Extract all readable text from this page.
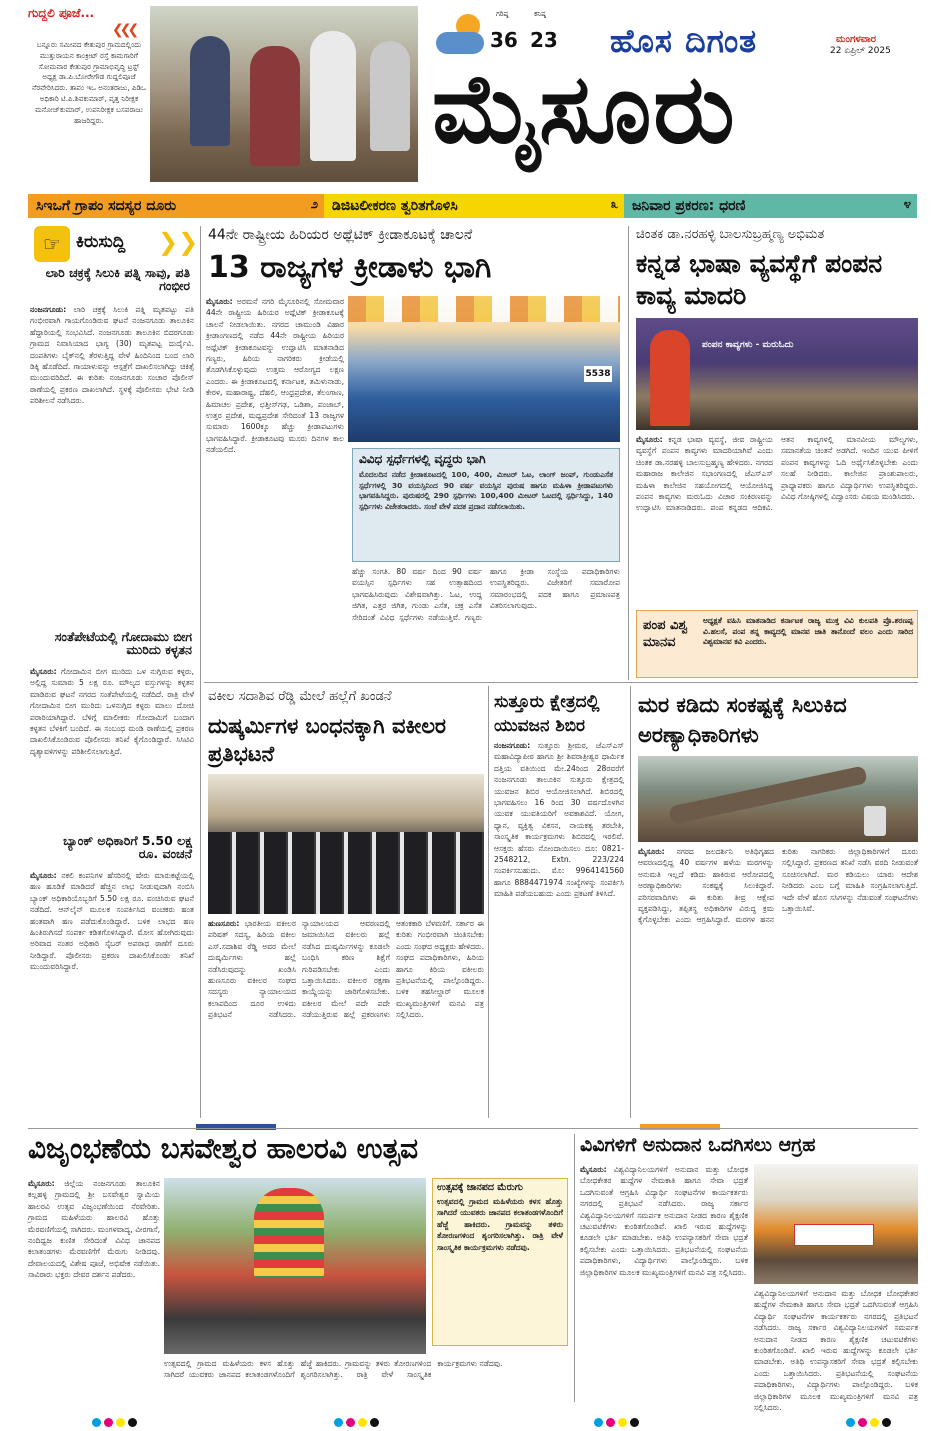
ಗುದ್ದಲಿ ಪೂಜೆ...
❮❮❮
ಬನ್ನೂರು ಸಮೀಪದ ಕೇತುಪುರ ಗ್ರಾಮದಲ್ಲಿಂದು ಮುತ್ತುರಾಯನ ಕಾಂಕ್ರೀಟ್ ರಸ್ತೆ ಕಾಮಗಾರಿಗೆ ಸೋಮವಾರ ಕೇತುಪುರ ಗ್ರಾಮಾಭಿವೃದ್ಧಿ ಟ್ರಸ್ಟ್ ಅಧ್ಯಕ್ಷ ಡಾ.ಪಿ.ಬೋರೇಗೌಡ ಗುದ್ದಲಿಪೂಜೆ ನೆರವೇರಿಸಿದರು. ತಾಪಂ ಇಒ ಅನಂತರಾಜು, ಪಿಡಿಒ ಅಧಿಕಾರಿ ಟಿ.ಪಿ.ಶಿವಕುಮಾರ್, ವೃತ್ತ ನಿರೀಕ್ಷಕ ಮನೋಜ್‌ಕುಮಾರ್, ಉಪನಿರೀಕ್ಷಕ ಬಸವರಾಜು ಹಾಜರಿದ್ದರು.
ಗರಿಷ್ಠ
36
ಕನಿಷ್ಠ
23 ಹೊಸ ದಿಗಂತ	ಮಂಗಳವಾರ
22 ಏಪ್ರಿಲ್ 2025
ಮೈಸೂರು
ಸಿಇಒಗೆ ಗ್ರಾಪಂ ಸದಸ್ಯರ ದೂರು	೨ ಡಿಜಿಟಲೀಕರಣ ತ್ವರಿತಗೊಳಿಸಿ	೩ ಜನಿವಾರ ಪ್ರಕರಣ: ಧರಣಿ	೪
☞ ಕಿರುಸುದ್ದಿ ❯❯
ಲಾರಿ ಚಕ್ರಕ್ಕೆ ಸಿಲುಕಿ ಪತ್ನಿ ಸಾವು, ಪತಿ ಗಂಭೀರ
ನಂಜನಗೂಡು: ಲಾರಿ ಚಕ್ರಕ್ಕೆ ಸಿಲುಕಿ ಪತ್ನಿ ಮೃತಪಟ್ಟು ಪತಿ ಗಂಭೀರವಾಗಿ ಗಾಯಗೊಂಡಿರುವ ಘಟನೆ ನಂಜನಗೂಡು ತಾಲೂಕಿನ ಹೆದ್ದಾರಿಯಲ್ಲಿ ಸಂಭವಿಸಿದೆ. ನಂಜನಗೂಡು ತಾಲೂಕಿನ ಬಿದರಗೂಡು ಗ್ರಾಮದ ನಿವಾಸಿಯಾದ ಭಾಗ್ಯ (30) ಮೃತಪಟ್ಟ ದುರ್ದೈವಿ. ದಂಪತಿಗಳು ಬೈಕ್‌ನಲ್ಲಿ ತೆರಳುತ್ತಿದ್ದ ವೇಳೆ ಹಿಂದಿನಿಂದ ಬಂದ ಲಾರಿ ಡಿಕ್ಕಿ ಹೊಡೆದಿದೆ. ಗಾಯಾಳುವನ್ನು ಆಸ್ಪತ್ರೆಗೆ ದಾಖಲಿಸಲಾಗಿದ್ದು ಚಿಕಿತ್ಸೆ ಮುಂದುವರಿದಿದೆ. ಈ ಕುರಿತು ನಂಜನಗೂಡು ಸಂಚಾರ ಪೊಲೀಸ್ ಠಾಣೆಯಲ್ಲಿ ಪ್ರಕರಣ ದಾಖಲಾಗಿದೆ. ಸ್ಥಳಕ್ಕೆ ಪೊಲೀಸರು ಭೇಟಿ ನೀಡಿ ಪರಿಶೀಲನೆ ನಡೆಸಿದರು.
ಸಂತೆಪೇಟೆಯಲ್ಲಿ ಗೋದಾಮು ಬೀಗ ಮುರಿದು ಕಳ್ಳತನ
ಮೈಸೂರು: ಗೋದಾಮಿನ ಬೀಗ ಮುರಿದು ಒಳ ನುಗ್ಗಿರುವ ಕಳ್ಳರು, ಅಲ್ಲಿದ್ದ ಸುಮಾರು 5 ಲಕ್ಷ ರೂ. ಮೌಲ್ಯದ ವಸ್ತುಗಳನ್ನು ಕಳ್ಳತನ ಮಾಡಿರುವ ಘಟನೆ ನಗರದ ಸಂತೆಪೇಟೆಯಲ್ಲಿ ನಡೆದಿದೆ. ರಾತ್ರಿ ವೇಳೆ ಗೋದಾಮಿನ ಬೀಗ ಮುರಿದು ಒಳನುಗ್ಗಿದ ಕಳ್ಳರು ಮಾಲು ದೋಚಿ ಪರಾರಿಯಾಗಿದ್ದಾರೆ. ಬೆಳಿಗ್ಗೆ ಮಾಲೀಕರು ಗೋದಾಮಿಗೆ ಬಂದಾಗ ಕಳ್ಳತನ ಬೆಳಕಿಗೆ ಬಂದಿದೆ. ಈ ಸಂಬಂಧ ಮಂಡಿ ಠಾಣೆಯಲ್ಲಿ ಪ್ರಕರಣ ದಾಖಲಿಸಿಕೊಂಡಿರುವ ಪೊಲೀಸರು ತನಿಖೆ ಕೈಗೊಂಡಿದ್ದಾರೆ. ಸಿಸಿಟಿವಿ ದೃಶ್ಯಾವಳಿಗಳನ್ನು ಪರಿಶೀಲಿಸಲಾಗುತ್ತಿದೆ.
ಬ್ಯಾಂಕ್ ಅಧಿಕಾರಿಗೆ 5.50 ಲಕ್ಷ ರೂ. ವಂಚನೆ
ಮೈಸೂರು: ನಕಲಿ ಕಂಪನಿಗಳ ಹೆಸರಿನಲ್ಲಿ ಷೇರು ಮಾರುಕಟ್ಟೆಯಲ್ಲಿ ಹಣ ಹೂಡಿಕೆ ಮಾಡಿದರೆ ಹೆಚ್ಚಿನ ಲಾಭ ನೀಡುವುದಾಗಿ ನಂಬಿಸಿ ಬ್ಯಾಂಕ್ ಅಧಿಕಾರಿಯೊಬ್ಬರಿಗೆ 5.50 ಲಕ್ಷ ರೂ. ವಂಚಿಸಿರುವ ಘಟನೆ ನಡೆದಿದೆ. ಆನ್‌ಲೈನ್ ಮೂಲಕ ಸಂಪರ್ಕಿಸಿದ ವಂಚಕರು ಹಂತ ಹಂತವಾಗಿ ಹಣ ಪಡೆದುಕೊಂಡಿದ್ದಾರೆ. ಬಳಿಕ ಲಾಭದ ಹಣ ಹಿಂತಿರುಗಿಸದೆ ಸಂಪರ್ಕ ಕಡಿತಗೊಳಿಸಿದ್ದಾರೆ. ಮೋಸ ಹೋಗಿರುವುದು ಅರಿವಾದ ನಂತರ ಅಧಿಕಾರಿ ಸೈಬರ್ ಅಪರಾಧ ಠಾಣೆಗೆ ದೂರು ನೀಡಿದ್ದಾರೆ. ಪೊಲೀಸರು ಪ್ರಕರಣ ದಾಖಲಿಸಿಕೊಂಡು ತನಿಖೆ ಮುಂದುವರಿಸಿದ್ದಾರೆ.
44ನೇ ರಾಷ್ಟ್ರೀಯ ಹಿರಿಯರ ಅಥ್ಲೆಟಿಕ್ ಕ್ರೀಡಾಕೂಟಕ್ಕೆ ಚಾಲನೆ
13 ರಾಜ್ಯಗಳ ಕ್ರೀಡಾಳು ಭಾಗಿ
ಮೈಸೂರು: ಅರಮನೆ ನಗರಿ ಮೈಸೂರಿನಲ್ಲಿ ಸೋಮವಾರ 44ನೇ ರಾಷ್ಟ್ರೀಯ ಹಿರಿಯರ ಅಥ್ಲೆಟಿಕ್ ಕ್ರೀಡಾಕೂಟಕ್ಕೆ ಚಾಲನೆ ನೀಡಲಾಯಿತು. ನಗರದ ಚಾಮುಂಡಿ ವಿಹಾರ ಕ್ರೀಡಾಂಗಣದಲ್ಲಿ ನಡೆದ 44ನೇ ರಾಷ್ಟ್ರೀಯ ಹಿರಿಯರ ಅಥ್ಲೆಟಿಕ್ ಕ್ರೀಡಾಕೂಟವನ್ನು ಉದ್ಘಾಟಿಸಿ ಮಾತನಾಡಿದ ಗಣ್ಯರು, ಹಿರಿಯ ನಾಗರಿಕರು ಕ್ರೀಡೆಯಲ್ಲಿ ತೊಡಗಿಸಿಕೊಳ್ಳುವುದು ಉತ್ತಮ ಆರೋಗ್ಯದ ಲಕ್ಷಣ ಎಂದರು. ಈ ಕ್ರೀಡಾಕೂಟದಲ್ಲಿ ಕರ್ನಾಟಕ, ತಮಿಳುನಾಡು, ಕೇರಳ, ಮಹಾರಾಷ್ಟ್ರ, ದೆಹಲಿ, ಆಂಧ್ರಪ್ರದೇಶ, ತೆಲಂಗಾಣ, ಹಿಮಾಚಲ ಪ್ರದೇಶ, ಛತ್ತೀಸ್‌ಗಢ, ಒಡಿಶಾ, ಪಂಜಾಬ್, ಉತ್ತರ ಪ್ರದೇಶ, ಮಧ್ಯಪ್ರದೇಶ ಸೇರಿದಂತೆ 13 ರಾಜ್ಯಗಳ ಸುಮಾರು 1600ಕ್ಕೂ ಹೆಚ್ಚು ಕ್ರೀಡಾಪಟುಗಳು ಭಾಗವಹಿಸಿದ್ದಾರೆ. ಕ್ರೀಡಾಕೂಟವು ಮೂರು ದಿನಗಳ ಕಾಲ ನಡೆಯಲಿದೆ.
5538
ವಿವಿಧ ಸ್ಪರ್ಧೆಗಳಲ್ಲಿ ವೃದ್ಧರು ಭಾಗಿ
ಮೊದಲದಿನ ನಡೆದ ಕ್ರೀಡಾಕೂಟದಲ್ಲಿ 100, 400, ಮೀಟರ್ ಓಟ, ಲಾಂಗ್ ಜಂಪ್, ಗುಂಡುಎಸೆತ ಸ್ಪರ್ಧೆಗಳಲ್ಲಿ 30 ವಯಸ್ಸಿನಿಂದ 90 ವರ್ಷ ವಯಸ್ಸಿನ ಪುರುಷ ಹಾಗೂ ಮಹಿಳಾ ಕ್ರೀಡಾಪಟುಗಳು ಭಾಗವಹಿಸಿದ್ದರು. ಪುರುಷರಲ್ಲಿ 290 ಸ್ಪರ್ಧಿಗಳು 100,400 ಮೀಟರ್ ಓಟದಲ್ಲಿ ಸ್ಪರ್ಧಿಸಿದ್ದು, 140 ಸ್ಪರ್ಧಿಗಳು ವಿಜೇತರಾದರು. ಸಂಜೆ ವೇಳೆ ಪದಕ ಪ್ರದಾನ ನಡೆಸಲಾಯಿತು.
ಹೆಚ್ಚು ಸಂಗತಿ. 80 ವರ್ಷ ದಿಂದ 90 ವರ್ಷ ವಯಸ್ಸಿನ ಸ್ಪರ್ಧಿಗಳು ಸಹ ಉತ್ಸಾಹದಿಂದ ಭಾಗವಹಿಸಿರುವುದು ವಿಶೇಷವಾಗಿತ್ತು. ಓಟ, ಉದ್ದ ಜಿಗಿತ, ಎತ್ತರ ಜಿಗಿತ, ಗುಂಡು ಎಸೆತ, ಚಕ್ರ ಎಸೆತ ಸೇರಿದಂತೆ ವಿವಿಧ ಸ್ಪರ್ಧೆಗಳು ನಡೆಯುತ್ತಿವೆ. ಗಣ್ಯರು ಹಾಗೂ ಕ್ರೀಡಾ ಸಂಸ್ಥೆಯ ಪದಾಧಿಕಾರಿಗಳು ಉಪಸ್ಥಿತರಿದ್ದರು. ವಿಜೇತರಿಗೆ ಸಮಾರೋಪ ಸಮಾರಂಭದಲ್ಲಿ ಪದಕ ಹಾಗೂ ಪ್ರಮಾಣಪತ್ರ ವಿತರಿಸಲಾಗುವುದು.
ಚಿಂತಕ ಡಾ.ನರಹಳ್ಳಿ ಬಾಲಸುಬ್ರಹ್ಮಣ್ಯ ಅಭಿಮತ
ಕನ್ನಡ ಭಾಷಾ ವ್ಯವಸ್ಥೆಗೆ ಪಂಪನ ಕಾವ್ಯ ಮಾದರಿ
ಪಂಪನ ಕಾವ್ಯಗಳು - ಮರುಓದು
ಮೈಸೂರು: ಕನ್ನಡ ಭಾಷಾ ವ್ಯವಸ್ಥೆ, ಜೀವ ರಾಷ್ಟ್ರೀಯ ವ್ಯವಸ್ಥೆಗೆ ಪಂಪನ ಕಾವ್ಯಗಳು ಮಾದರಿಯಾಗಿವೆ ಎಂದು ಚಿಂತಕ ಡಾ.ನರಹಳ್ಳಿ ಬಾಲಸುಬ್ರಹ್ಮಣ್ಯ ಹೇಳಿದರು. ನಗರದ ಮಹಾರಾಜ ಕಾಲೇಜಿನ ಸಭಾಂಗಣದಲ್ಲಿ ಜೆಎಸ್‌ಎಸ್ ಮಹಿಳಾ ಕಾಲೇಜಿನ ಸಹಯೋಗದಲ್ಲಿ ಆಯೋಜಿಸಿದ್ದ ಪಂಪನ ಕಾವ್ಯಗಳು ಮರುಓದು ವಿಚಾರ ಸಂಕಿರಣವನ್ನು ಉದ್ಘಾಟಿಸಿ ಮಾತನಾಡಿದರು. ಪಂಪ ಕನ್ನಡದ ಆದಿಕವಿ. ಆತನ ಕಾವ್ಯಗಳಲ್ಲಿ ಮಾನವೀಯ ಮೌಲ್ಯಗಳು, ಸಮಾನತೆಯ ಚಿಂತನೆ ಅಡಗಿದೆ. ಇಂದಿನ ಯುವ ಪೀಳಿಗೆ ಪಂಪನ ಕಾವ್ಯಗಳನ್ನು ಓದಿ ಅರ್ಥೈಸಿಕೊಳ್ಳಬೇಕು ಎಂದು ಸಲಹೆ ನೀಡಿದರು. ಕಾಲೇಜಿನ ಪ್ರಾಂಶುಪಾಲರು, ಪ್ರಾಧ್ಯಾಪಕರು ಹಾಗೂ ವಿದ್ಯಾರ್ಥಿಗಳು ಉಪಸ್ಥಿತರಿದ್ದರು. ವಿವಿಧ ಗೋಷ್ಠಿಗಳಲ್ಲಿ ವಿದ್ವಾಂಸರು ವಿಷಯ ಮಂಡಿಸಿದರು.
ಪಂಪ ವಿಶ್ವ ಮಾನವ
ಅಧ್ಯಕ್ಷತೆ ವಹಿಸಿ ಮಾತನಾಡಿದ ಕರ್ನಾಟಕ ರಾಜ್ಯ ಮುಕ್ತ ವಿವಿ ಕುಲಪತಿ ಪ್ರೊ.ಶರಣಪ್ಪ ವಿ.ಹಲಸೆ, ಪಂಪ ತನ್ನ ಕಾವ್ಯದಲ್ಲಿ ಮಾನವ ಜಾತಿ ತಾನೊಂದೆ ವಲಂ ಎಂದು ಸಾರಿದ ವಿಶ್ವಮಾನವ ಕವಿ ಎಂದರು.
ವಕೀಲ ಸದಾಶಿವ ರೆಡ್ಡಿ ಮೇಲೆ ಹಲ್ಲೆಗೆ ಖಂಡನೆ
ದುಷ್ಕರ್ಮಿಗಳ ಬಂಧನಕ್ಕಾಗಿ ವಕೀಲರ ಪ್ರತಿಭಟನೆ
ಹುಣಸೂರು: ಭಾರತೀಯ ವಕೀಲರ ಪರಿಷತ್ ಸದಸ್ಯ, ಹಿರಿಯ ವಕೀಲ ಎಸ್.ಸದಾಶಿವ ರೆಡ್ಡಿ ಅವರ ಮೇಲೆ ದುಷ್ಕರ್ಮಿಗಳು ಹಲ್ಲೆ ನಡೆಸಿರುವುದನ್ನು ಖಂಡಿಸಿ ಹುಣಸೂರು ವಕೀಲರ ಸಂಘದ ಸದಸ್ಯರು ನ್ಯಾಯಾಲಯದ ಕಲಾಪದಿಂದ ದೂರ ಉಳಿದು ಪ್ರತಿಭಟನೆ ನಡೆಸಿದರು. ನ್ಯಾಯಾಲಯದ ಆವರಣದಲ್ಲಿ ಜಮಾಯಿಸಿದ ವಕೀಲರು ಹಲ್ಲೆ ನಡೆಸಿದ ದುಷ್ಕರ್ಮಿಗಳನ್ನು ಕೂಡಲೇ ಬಂಧಿಸಿ ಕಠಿಣ ಶಿಕ್ಷೆಗೆ ಗುರಿಪಡಿಸಬೇಕು ಎಂದು ಒತ್ತಾಯಿಸಿದರು. ವಕೀಲರ ರಕ್ಷಣಾ ಕಾಯ್ದೆಯನ್ನು ಜಾರಿಗೊಳಿಸಬೇಕು. ವಕೀಲರ ಮೇಲೆ ಪದೇ ಪದೇ ನಡೆಯುತ್ತಿರುವ ಹಲ್ಲೆ ಪ್ರಕರಣಗಳು ಆತಂಕಕಾರಿ ಬೆಳವಣಿಗೆ. ಸರ್ಕಾರ ಈ ಕುರಿತು ಗಂಭೀರವಾಗಿ ಚಿಂತಿಸಬೇಕು ಎಂದು ಸಂಘದ ಅಧ್ಯಕ್ಷರು ಹೇಳಿದರು. ಸಂಘದ ಪದಾಧಿಕಾರಿಗಳು, ಹಿರಿಯ ಹಾಗೂ ಕಿರಿಯ ವಕೀಲರು ಪ್ರತಿಭಟನೆಯಲ್ಲಿ ಪಾಲ್ಗೊಂಡಿದ್ದರು. ಬಳಿಕ ತಹಸೀಲ್ದಾರ್ ಮೂಲಕ ಮುಖ್ಯಮಂತ್ರಿಗಳಿಗೆ ಮನವಿ ಪತ್ರ ಸಲ್ಲಿಸಿದರು.
ಸುತ್ತೂರು ಕ್ಷೇತ್ರದಲ್ಲಿ ಯುವಜನ ಶಿಬಿರ
ನಂಜನಗೂಡು: ಸುತ್ತೂರು ಶ್ರೀಮಠ, ಜೆಎಸ್‌ಎಸ್ ಮಹಾವಿದ್ಯಾಪೀಠ ಹಾಗೂ ಶ್ರೀ ಶಿವರಾತ್ರೀಶ್ವರ ಧಾರ್ಮಿಕ ದತ್ತಿಯ ವತಿಯಿಂದ ಮೇ.24ರಿಂದ 28ರವರೆಗೆ ನಂಜನಗೂಡು ತಾಲೂಕಿನ ಸುತ್ತೂರು ಕ್ಷೇತ್ರದಲ್ಲಿ ಯುವಜನ ಶಿಬಿರ ಆಯೋಜಿಸಲಾಗಿದೆ. ಶಿಬಿರದಲ್ಲಿ ಭಾಗವಹಿಸಲು 16 ರಿಂದ 30 ವರ್ಷದೊಳಗಿನ ಯುವಕ ಯುವತಿಯರಿಗೆ ಅವಕಾಶವಿದೆ. ಯೋಗ, ಧ್ಯಾನ, ವ್ಯಕ್ತಿತ್ವ ವಿಕಸನ, ನಾಯಕತ್ವ ತರಬೇತಿ, ಸಾಂಸ್ಕೃತಿಕ ಕಾರ್ಯಕ್ರಮಗಳು ಶಿಬಿರದಲ್ಲಿ ಇರಲಿವೆ. ಆಸಕ್ತರು ಹೆಸರು ನೋಂದಾಯಿಸಲು ದೂ: 0821-2548212, Extn. 223/224 ಸಂಪರ್ಕಿಸಬಹುದು. ಮೊ: 9964141560 ಹಾಗೂ 8884471974 ಸಂಖ್ಯೆಗಳನ್ನು ಸಂಪರ್ಕಿಸಿ ಮಾಹಿತಿ ಪಡೆಯಬಹುದು ಎಂದು ಪ್ರಕಟಣೆ ತಿಳಿಸಿದೆ.
ಮರ ಕಡಿದು ಸಂಕಷ್ಟಕ್ಕೆ ಸಿಲುಕಿದ ಅರಣ್ಯಾಧಿಕಾರಿಗಳು
ಮೈಸೂರು: ನಗರದ ಜಲದರ್ಶಿನಿ ಅತಿಥಿಗೃಹದ ಆವರಣದಲ್ಲಿದ್ದ 40 ವರ್ಷಗಳ ಹಳೆಯ ಮರಗಳನ್ನು ಅನುಮತಿ ಇಲ್ಲದೆ ಕಡಿದು ಹಾಕಿರುವ ಆರೋಪದಲ್ಲಿ ಅರಣ್ಯಾಧಿಕಾರಿಗಳು ಸಂಕಷ್ಟಕ್ಕೆ ಸಿಲುಕಿದ್ದಾರೆ. ಪರಿಸರವಾದಿಗಳು ಈ ಕುರಿತು ತೀವ್ರ ಆಕ್ಷೇಪ ವ್ಯಕ್ತಪಡಿಸಿದ್ದು, ತಪ್ಪಿತಸ್ಥ ಅಧಿಕಾರಿಗಳ ವಿರುದ್ಧ ಕ್ರಮ ಕೈಗೊಳ್ಳಬೇಕು ಎಂದು ಆಗ್ರಹಿಸಿದ್ದಾರೆ. ಮರಗಳ ಹನನ ಕುರಿತು ನಾಗರಿಕರು ಜಿಲ್ಲಾಧಿಕಾರಿಗಳಿಗೆ ದೂರು ಸಲ್ಲಿಸಿದ್ದಾರೆ. ಪ್ರಕರಣದ ತನಿಖೆ ನಡೆಸಿ ವರದಿ ನೀಡುವಂತೆ ಸೂಚಿಸಲಾಗಿದೆ. ಮರ ಕಡಿಯಲು ಯಾರು ಆದೇಶ ನೀಡಿದರು ಎಂಬ ಬಗ್ಗೆ ಮಾಹಿತಿ ಸಂಗ್ರಹಿಸಲಾಗುತ್ತಿದೆ. ಇದೇ ವೇಳೆ ಹೊಸ ಸಸಿಗಳನ್ನು ನೆಡುವಂತೆ ಸಂಘಟನೆಗಳು ಒತ್ತಾಯಿಸಿವೆ.
ವಿಜೃಂಭಣೆಯ ಬಸವೇಶ್ವರ ಹಾಲರವಿ ಉತ್ಸವ
ಮೈಸೂರು: ಜಿಲ್ಲೆಯ ನಂಜನಗೂಡು ತಾಲೂಕಿನ ಕಲ್ಲಹಳ್ಳಿ ಗ್ರಾಮದಲ್ಲಿ ಶ್ರೀ ಬಸವೇಶ್ವರ ಸ್ವಾಮಿಯ ಹಾಲರವಿ ಉತ್ಸವ ವಿಜೃಂಭಣೆಯಿಂದ ನೆರವೇರಿತು. ಗ್ರಾಮದ ಮಹಿಳೆಯರು ಹಾಲರವಿ ಹೊತ್ತು ಮೆರವಣಿಗೆಯಲ್ಲಿ ಸಾಗಿದರು. ಮಂಗಳವಾದ್ಯ, ವೀರಗಾಸೆ, ನಂದಿಧ್ವಜ ಕುಣಿತ ಸೇರಿದಂತೆ ವಿವಿಧ ಜಾನಪದ ಕಲಾತಂಡಗಳು ಮೆರವಣಿಗೆಗೆ ಮೆರುಗು ನೀಡಿದವು. ದೇವಾಲಯದಲ್ಲಿ ವಿಶೇಷ ಪೂಜೆ, ಅಭಿಷೇಕ ನಡೆಯಿತು. ಸಾವಿರಾರು ಭಕ್ತರು ದೇವರ ದರ್ಶನ ಪಡೆದರು.
ಉತ್ಸವಕ್ಕೆ ಜಾನಪದ ಮೆರುಗು
ಉತ್ಸವದಲ್ಲಿ ಗ್ರಾಮದ ಮಹಿಳೆಯರು ಕಳಸ ಹೊತ್ತು ಸಾಗಿದರೆ ಯುವಕರು ಜಾನಪದ ಕಲಾತಂಡಗಳೊಂದಿಗೆ ಹೆಜ್ಜೆ ಹಾಕಿದರು. ಗ್ರಾಮವನ್ನು ತಳಿರು ತೋರಣಗಳಿಂದ ಶೃಂಗರಿಸಲಾಗಿತ್ತು. ರಾತ್ರಿ ವೇಳೆ ಸಾಂಸ್ಕೃತಿಕ ಕಾರ್ಯಕ್ರಮಗಳು ನಡೆದವು.
ಉತ್ಸವದಲ್ಲಿ ಗ್ರಾಮದ ಮಹಿಳೆಯರು ಕಳಸ ಹೊತ್ತು ಸಾಗಿದರೆ ಯುವಕರು ಜಾನಪದ ಕಲಾತಂಡಗಳೊಂದಿಗೆ ಹೆಜ್ಜೆ ಹಾಕಿದರು. ಗ್ರಾಮವನ್ನು ತಳಿರು ತೋರಣಗಳಿಂದ ಶೃಂಗರಿಸಲಾಗಿತ್ತು. ರಾತ್ರಿ ವೇಳೆ ಸಾಂಸ್ಕೃತಿಕ ಕಾರ್ಯಕ್ರಮಗಳು ನಡೆದವು.
ವಿವಿಗಳಿಗೆ ಅನುದಾನ ಒದಗಿಸಲು ಆಗ್ರಹ
ಮೈಸೂರು: ವಿಶ್ವವಿದ್ಯಾನಿಲಯಗಳಿಗೆ ಅನುದಾನ ಮತ್ತು ಬೋಧಕ ಬೋಧಕೇತರ ಹುದ್ದೆಗಳ ನೇಮಕಾತಿ ಹಾಗೂ ಸೇವಾ ಭದ್ರತೆ ಒದಗಿಸುವಂತೆ ಆಗ್ರಹಿಸಿ ವಿದ್ಯಾರ್ಥಿ ಸಂಘಟನೆಗಳ ಕಾರ್ಯಕರ್ತರು ನಗರದಲ್ಲಿ ಪ್ರತಿಭಟನೆ ನಡೆಸಿದರು. ರಾಜ್ಯ ಸರ್ಕಾರ ವಿಶ್ವವಿದ್ಯಾನಿಲಯಗಳಿಗೆ ಸಮರ್ಪಕ ಅನುದಾನ ನೀಡದ ಕಾರಣ ಶೈಕ್ಷಣಿಕ ಚಟುವಟಿಕೆಗಳು ಕುಂಠಿತಗೊಂಡಿವೆ. ಖಾಲಿ ಇರುವ ಹುದ್ದೆಗಳನ್ನು ಕೂಡಲೇ ಭರ್ತಿ ಮಾಡಬೇಕು. ಅತಿಥಿ ಉಪನ್ಯಾಸಕರಿಗೆ ಸೇವಾ ಭದ್ರತೆ ಕಲ್ಪಿಸಬೇಕು ಎಂದು ಒತ್ತಾಯಿಸಿದರು. ಪ್ರತಿಭಟನೆಯಲ್ಲಿ ಸಂಘಟನೆಯ ಪದಾಧಿಕಾರಿಗಳು, ವಿದ್ಯಾರ್ಥಿಗಳು ಪಾಲ್ಗೊಂಡಿದ್ದರು. ಬಳಿಕ ಜಿಲ್ಲಾಧಿಕಾರಿಗಳ ಮೂಲಕ ಮುಖ್ಯಮಂತ್ರಿಗಳಿಗೆ ಮನವಿ ಪತ್ರ ಸಲ್ಲಿಸಿದರು.
ವಿಶ್ವವಿದ್ಯಾನಿಲಯಗಳಿಗೆ ಅನುದಾನ ಮತ್ತು ಬೋಧಕ ಬೋಧಕೇತರ ಹುದ್ದೆಗಳ ನೇಮಕಾತಿ ಹಾಗೂ ಸೇವಾ ಭದ್ರತೆ ಒದಗಿಸುವಂತೆ ಆಗ್ರಹಿಸಿ ವಿದ್ಯಾರ್ಥಿ ಸಂಘಟನೆಗಳ ಕಾರ್ಯಕರ್ತರು ನಗರದಲ್ಲಿ ಪ್ರತಿಭಟನೆ ನಡೆಸಿದರು. ರಾಜ್ಯ ಸರ್ಕಾರ ವಿಶ್ವವಿದ್ಯಾನಿಲಯಗಳಿಗೆ ಸಮರ್ಪಕ ಅನುದಾನ ನೀಡದ ಕಾರಣ ಶೈಕ್ಷಣಿಕ ಚಟುವಟಿಕೆಗಳು ಕುಂಠಿತಗೊಂಡಿವೆ. ಖಾಲಿ ಇರುವ ಹುದ್ದೆಗಳನ್ನು ಕೂಡಲೇ ಭರ್ತಿ ಮಾಡಬೇಕು. ಅತಿಥಿ ಉಪನ್ಯಾಸಕರಿಗೆ ಸೇವಾ ಭದ್ರತೆ ಕಲ್ಪಿಸಬೇಕು ಎಂದು ಒತ್ತಾಯಿಸಿದರು. ಪ್ರತಿಭಟನೆಯಲ್ಲಿ ಸಂಘಟನೆಯ ಪದಾಧಿಕಾರಿಗಳು, ವಿದ್ಯಾರ್ಥಿಗಳು ಪಾಲ್ಗೊಂಡಿದ್ದರು. ಬಳಿಕ ಜಿಲ್ಲಾಧಿಕಾರಿಗಳ ಮೂಲಕ ಮುಖ್ಯಮಂತ್ರಿಗಳಿಗೆ ಮನವಿ ಪತ್ರ ಸಲ್ಲಿಸಿದರು.
